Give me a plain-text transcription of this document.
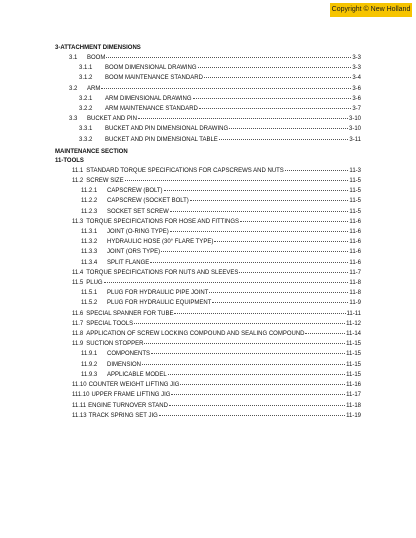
Copyright © New Holland
3-ATTACHMENT DIMENSIONS
3.1	BOOM	3-3
3.1.1	BOOM DIMENSIONAL DRAWING	3-3
3.1.2	BOOM MAINTENANCE STANDARD	3-4
3.2	ARM	3-6
3.2.1	ARM DIMENSIONAL DRAWING	3-6
3.2.2	ARM MAINTENANCE STANDARD	3-7
3.3	BUCKET AND PIN	3-10
3.3.1	BUCKET AND PIN DIMENSIONAL DRAWING	3-10
3.3.2	BUCKET AND PIN DIMENSIONAL TABLE	3-11
MAINTENANCE SECTION
11-TOOLS
11.1 STANDARD TORQUE SPECIFICATIONS FOR CAPSCREWS AND NUTS	11-3
11.2 SCREW SIZE	11-5
11.2.1	CAPSCREW (BOLT)	11-5
11.2.2	CAPSCREW (SOCKET BOLT)	11-5
11.2.3	SOCKET SET SCREW	11-5
11.3 TORQUE SPECIFICATIONS FOR HOSE AND FITTINGS	11-6
11.3.1	JOINT (O-RING TYPE)	11-6
11.3.2	HYDRAULIC HOSE (30° FLARE TYPE)	11-6
11.3.3	JOINT (ORS TYPE)	11-6
11.3.4	SPLIT FLANGE	11-6
11.4 TORQUE SPECIFICATIONS FOR NUTS AND SLEEVES	11-7
11.5 PLUG	11-8
11.5.1	PLUG FOR HYDRAULIC PIPE JOINT	11-8
11.5.2	PLUG FOR HYDRAULIC EQUIPMENT	11-9
11.6 SPECIAL SPANNER FOR TUBE	11-11
11.7 SPECIAL TOOLS	11-12
11.8 APPLICATION OF SCREW LOCKING COMPOUND AND SEALING COMPOUND	11-14
11.9 SUCTION STOPPER	11-15
11.9.1	COMPONENTS	11-15
11.9.2	DIMENSION	11-15
11.9.3	APPLICABLE MODEL	11-15
11.10 COUNTER WEIGHT LIFTING JIG	11-16
111.10 UPPER FRAME LIFTING JIG	11-17
11.11 ENGINE TURNOVER STAND	11-18
11.13 TRACK SPRING SET JIG	11-19
